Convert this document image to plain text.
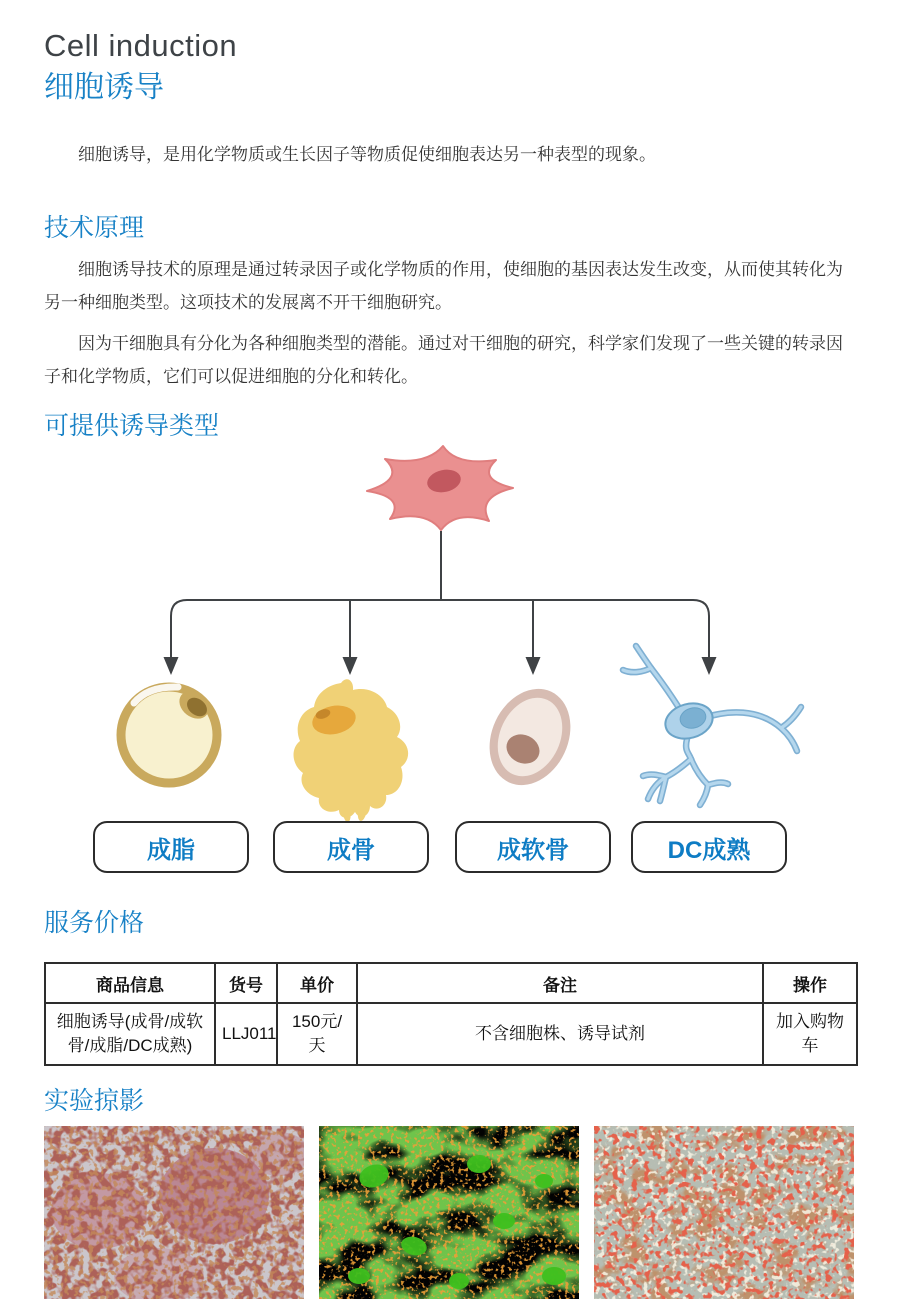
Cell induction
细胞诱导

细胞诱导，是用化学物质或生长因子等物质促使细胞表达另一种表型的现象。

技术原理

细胞诱导技术的原理是通过转录因子或化学物质的作用，使细胞的基因表达发生改变，从而使其转化为另一种细胞类型。这项技术的发展离不开干细胞研究。

因为干细胞具有分化为各种细胞类型的潜能。通过对干细胞的研究，科学家们发现了一些关键的转录因子和化学物质，它们可以促进细胞的分化和转化。

可提供诱导类型
成脂	成骨	成软骨	DC成熟
服务价格
商品信息	货号	单价	备注	操作
细胞诱导(成骨/成软骨/成脂/DC成熟)	LLJ011	150元/天	不含细胞株、诱导试剂	加入购物车
实验掠影
